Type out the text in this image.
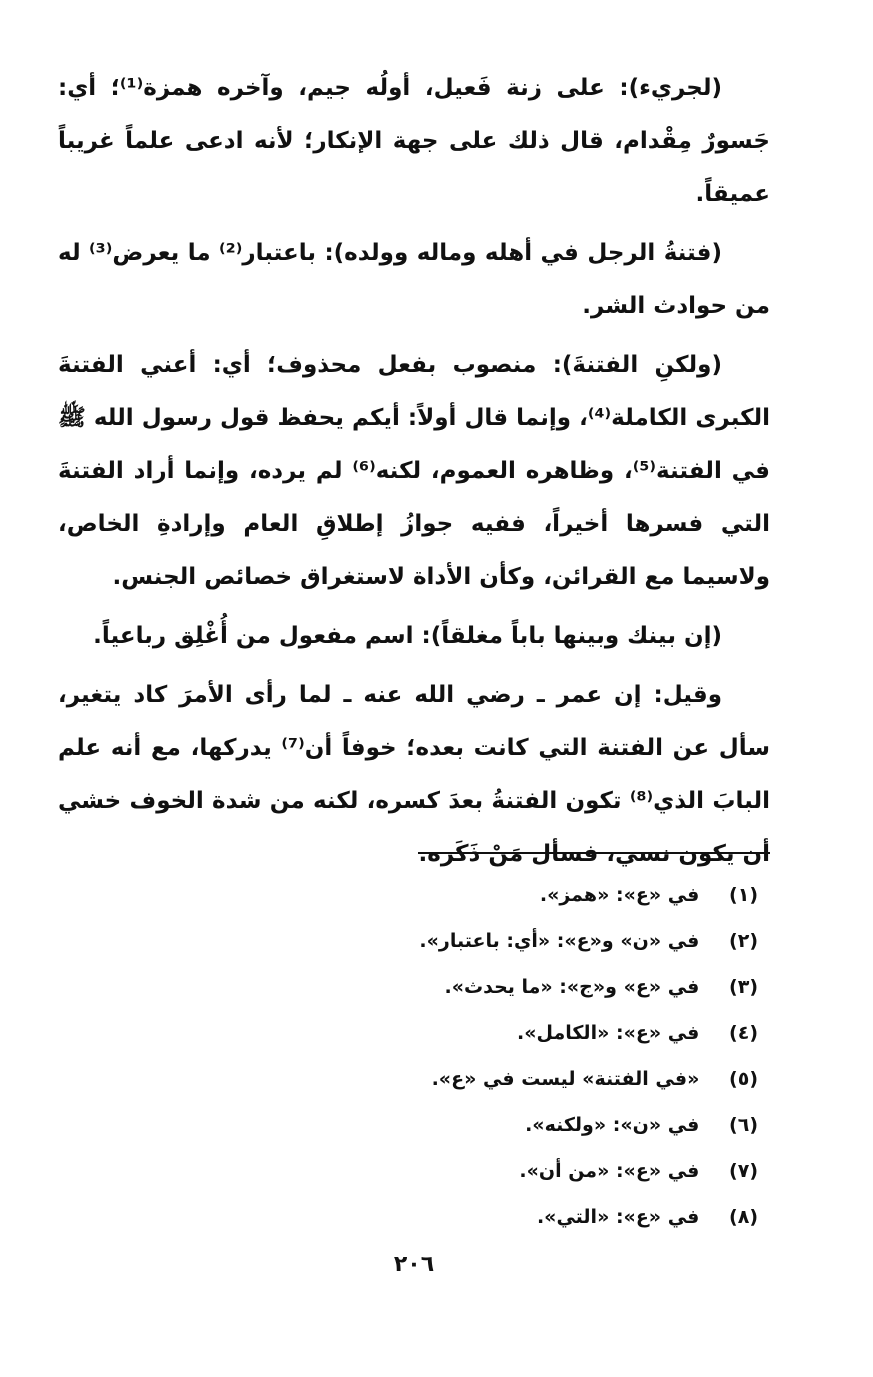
(لجريء): على زنة فَعيل، أولُه جيم، وآخره همزة⁽¹⁾؛ أي: جَسورٌ مِقْدام، قال ذلك على جهة الإنكار؛ لأنه ادعى علماً غريباً عميقاً.

(فتنةُ الرجل في أهله وماله وولده): باعتبار⁽²⁾ ما يعرض⁽³⁾ له من حوادث الشر.

(ولكنِ الفتنةَ): منصوب بفعل محذوف؛ أي: أعني الفتنةَ الكبرى الكاملة⁽⁴⁾، وإنما قال أولاً: أيكم يحفظ قول رسول الله ﷺ في الفتنة⁽⁵⁾، وظاهره العموم، لكنه⁽⁶⁾ لم يرده، وإنما أراد الفتنةَ التي فسرها أخيراً، ففيه جوازُ إطلاقِ العام وإرادةِ الخاص، ولاسيما مع القرائن، وكأن الأداة لاستغراق خصائص الجنس.

(إن بينك وبينها باباً مغلقاً): اسم مفعول من أُغْلِق رباعياً.

وقيل: إن عمر ـ رضي الله عنه ـ لما رأى الأمرَ كاد يتغير، سأل عن الفتنة التي كانت بعده؛ خوفاً أن⁽⁷⁾ يدركها، مع أنه علم البابَ الذي⁽⁸⁾ تكون الفتنةُ بعدَ كسره، لكنه من شدة الخوف خشي أن يكون نسي، فسأل مَنْ ذَكَره.

(١) في «ع»: «همز».
(٢) في «ن» و«ع»: «أي: باعتبار».
(٣) في «ع» و«ج»: «ما يحدث».
(٤) في «ع»: «الكامل».
(٥) «في الفتنة» ليست في «ع».
(٦) في «ن»: «ولكنه».
(٧) في «ع»: «من أن».
(٨) في «ع»: «التي».
٢٠٦
